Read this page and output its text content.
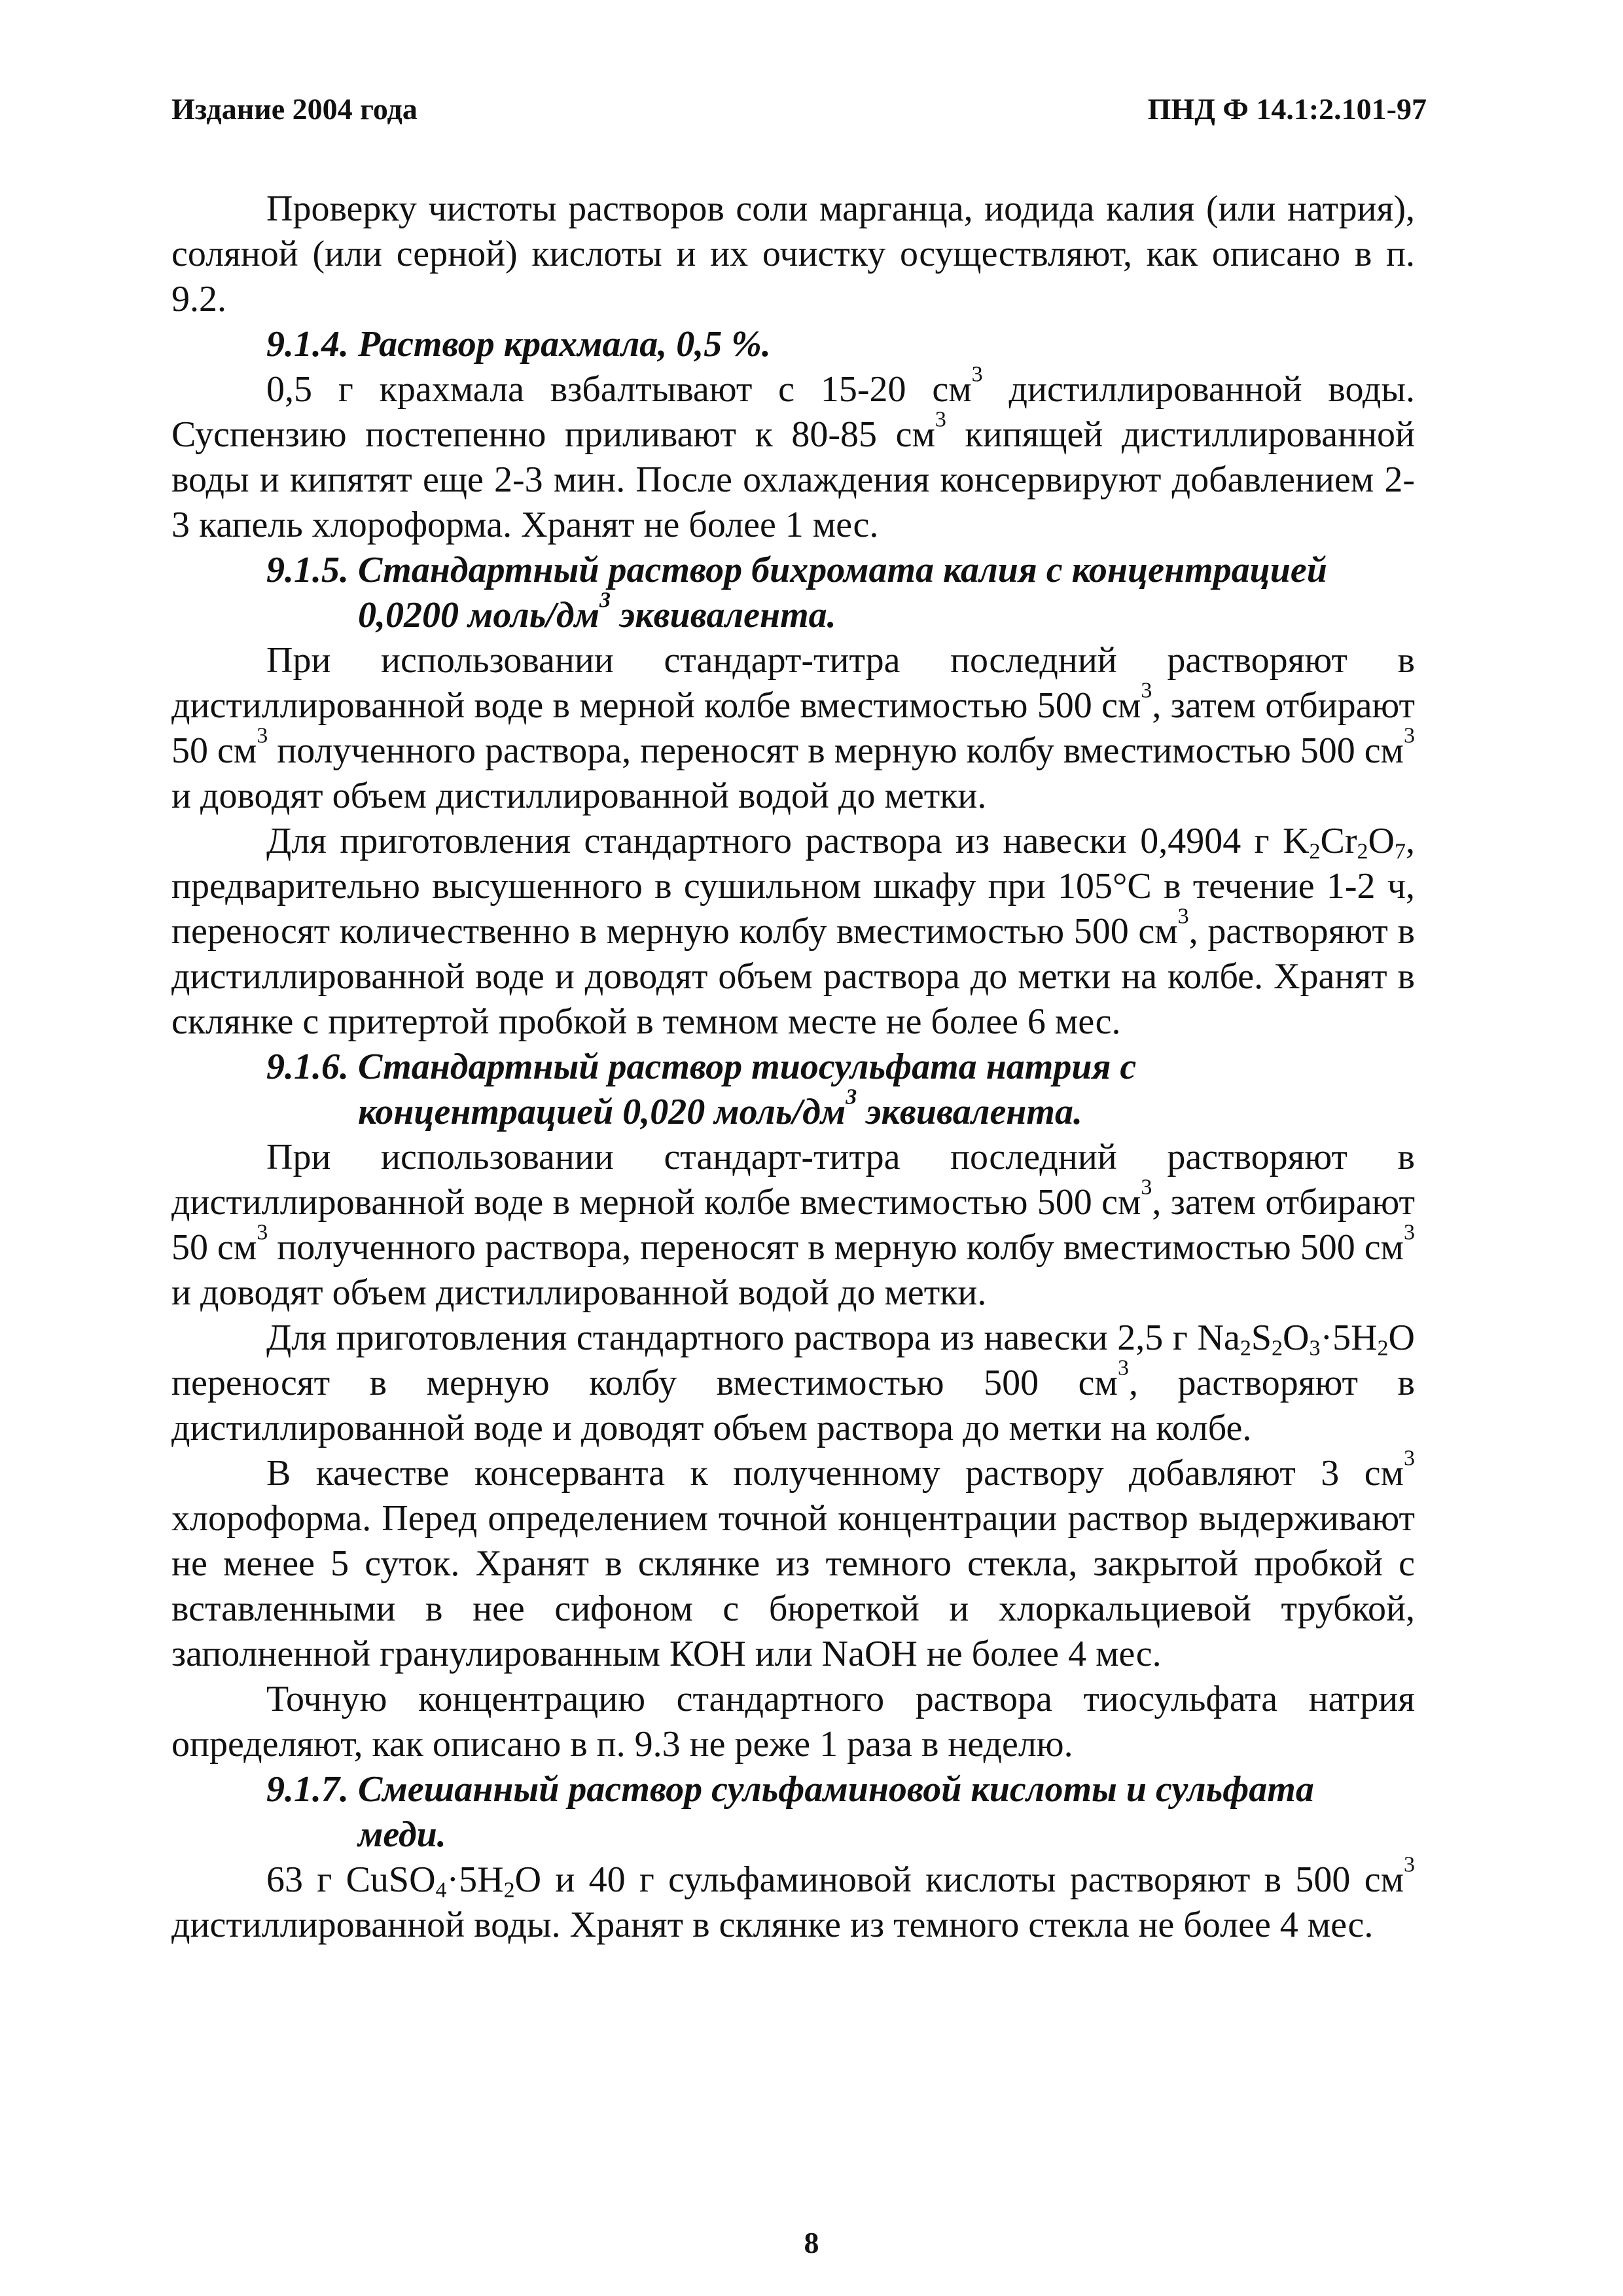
Издание 2004 года	ПНД Ф 14.1:2.101-97

Проверку чистоты растворов соли марганца, иодида калия (или натрия), соляной (или серной) кислоты и их очистку осуществляют, как описано в п. 9.2.

9.1.4. Раствор крахмала, 0,5 %.

0,5 г крахмала взбалтывают с 15-20 $см^3$ дистиллированной воды. Суспензию постепенно приливают к 80-85 $см^3$ кипящей дистиллированной воды и кипятят еще 2-3 мин. После охлаждения консервируют добавлением 2-3 капель хлороформа. Хранят не более 1 мес.

9.1.5. Стандартный раствор бихромата калия с концентрацией
0,0200 моль/$дм^3$ эквивалента.

При использовании стандарт-титра последний растворяют в дистиллированной воде в мерной колбе вместимостью 500 $см^3$, затем отбирают 50 $см^3$ полученного раствора, переносят в мерную колбу вместимостью 500 $см^3$ и доводят объем дистиллированной водой до метки.

Для приготовления стандартного раствора из навески 0,4904 г $K_2Cr_2O_7$, предварительно высушенного в сушильном шкафу при 105°С в течение 1-2 ч, переносят количественно в мерную колбу вместимостью 500 $см^3$, растворяют в дистиллированной воде и доводят объем раствора до метки на колбе. Хранят в склянке с притертой пробкой в темном месте не более 6 мес.

9.1.6. Стандартный раствор тиосульфата натрия с
концентрацией 0,020 моль/$дм^3$ эквивалента.

При использовании стандарт-титра последний растворяют в дистиллированной воде в мерной колбе вместимостью 500 $см^3$, затем отбирают 50 $см^3$ полученного раствора, переносят в мерную колбу вместимостью 500 $см^3$ и доводят объем дистиллированной водой до метки.

Для приготовления стандартного раствора из навески 2,5 г $Na_2S_2O_3\cdot 5H_2O$ переносят в мерную колбу вместимостью 500 $см^3$, растворяют в дистиллированной воде и доводят объем раствора до метки на колбе.

В качестве консерванта к полученному раствору добавляют 3 $см^3$ хлороформа. Перед определением точной концентрации раствор выдерживают не менее 5 суток. Хранят в склянке из темного стекла, закрытой пробкой с вставленными в нее сифоном с бюреткой и хлоркальциевой трубкой, заполненной гранулированным КОН или NaOH не более 4 мес.

Точную концентрацию стандартного раствора тиосульфата натрия определяют, как описано в п. 9.3 не реже 1 раза в неделю.

9.1.7. Смешанный раствор сульфаминовой кислоты и сульфата
меди.

63 г $CuSO_4\cdot 5H_2O$ и 40 г сульфаминовой кислоты растворяют в 500 $см^3$ дистиллированной воды. Хранят в склянке из темного стекла не более 4 мес.

8
